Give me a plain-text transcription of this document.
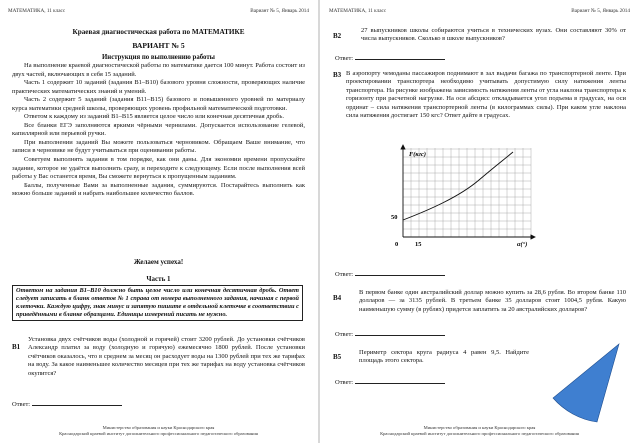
МАТЕМАТИКА, 11 класс	Вариант № 5, Январь 2014
Краевая диагностическая работа по МАТЕМАТИКЕ
ВАРИАНТ № 5
Инструкция по выполнению работы

На выполнение краевой диагностической работы по математике дается 100 минут. Работа состоит из двух частей, включающих в себя 15 заданий.

Часть 1 содержит 10 заданий (задания B1–B10) базового уровня сложности, проверяющих наличие практических математических знаний и умений.

Часть 2 содержит 5 заданий (задания B11–B15) базового и повышенного уровней по материалу курса математики средней школы, проверяющих уровень профильной математической подготовки.

Ответом к каждому из заданий B1–B15 является целое число или конечная десятичная дробь.

Все бланки ЕГЭ заполняются яркими чёрными чернилами. Допускается использование гелевой, капиллярной или перьевой ручки.

При выполнении заданий Вы можете пользоваться черновиком. Обращаем Ваше внимание, что записи в черновике не будут учитываться при оценивании работы.

Советуем выполнять задания в том порядке, как они даны. Для экономии времени пропускайте задание, которое не удаётся выполнить сразу, и переходите к следующему. Если после выполнения всей работы у Вас останется время, Вы сможете вернуться к пропущенным заданиям.

Баллы, полученные Вами за выполненные задания, суммируются. Постарайтесь выполнить как можно больше заданий и набрать наибольшее количество баллов.

Желаем успеха!
Часть 1
Ответом на задания B1–B10 должно быть целое число или конечная десятичная дробь. Ответ следует записать в бланк ответов № 1 справа от номера выполненного задания, начиная с первой клеточки. Каждую цифру, знак минус и запятую пишите в отдельной клеточке в соответствии с приведёнными в бланке образцами. Единицы измерений писать не нужно.
B1
Установка двух счётчиков воды (холодной и горячей) стоит 3200 рублей. До установки счётчиков Александр платил за воду (холодную и горячую) ежемесячно 1800 рублей. После установки счётчиков оказалось, что в среднем за месяц он расходует воды на 1300 рублей при тех же тарифах на воду. За какое наименьшее количество месяцев при тех же тарифах на воду установка счётчиков окупится?
Ответ:
Министерство образования и науки Краснодарского края
Краснодарский краевой институт дополнительного профессионального педагогического образования
МАТЕМАТИКА, 11 класс	Вариант № 5, Январь 2014
B2
27 выпускников школы собираются учиться в технических вузах. Они составляют 30% от числа выпускников. Сколько в школе выпускников?
Ответ:
B3 В аэропорту чемоданы пассажиров поднимают в зал выдачи багажа по транспортерной ленте. При проектировании транспортера необходимо учитывать допустимую силу натяжения ленты транспортера. На рисунке изображена зависимость натяжения ленты от угла наклона транспортера к горизонту при расчетной нагрузке. На оси абсцисс откладывается угол подъема в градусах, на оси ординат – сила натяжения транспортерной ленты (в килограммах силы). При каком угле наклона сила натяжения достигает 150 кгс? Ответ дайте в градусах.
F(кгс)
α(°)
50
0	15
Ответ:
B4
В первом банке один австралийский доллар можно купить за 28,6 рубля. Во втором банке 110 долларов — за 3135 рублей. В третьем банке 35 долларов стоят 1004,5 рубля. Какую наименьшую сумму (в рублях) придется заплатить за 20 австралийских долларов?
Ответ:
B5
Периметр сектора круга радиуса 4 равен 9,5. Найдите площадь этого сектора.
Ответ:
Министерство образования и науки Краснодарского края
Краснодарский краевой институт дополнительного профессионального педагогического образования
